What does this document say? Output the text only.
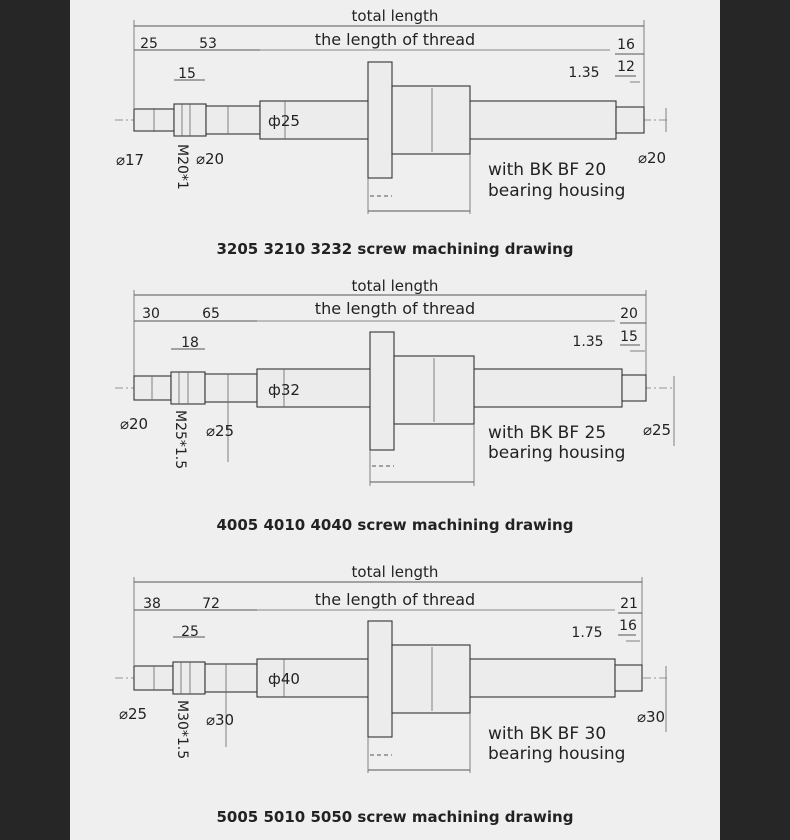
total length
the length of thread
25	53
15
16
12
1.35
⌀17	⌀20
ф25
⌀20
M20*1	with BK BF 20
bearing housing
3205 3210 3232 screw machining drawing
total length
the length of thread
30	65
18
20
15
1.35
⌀20	⌀25
ф32
⌀25
M25*1.5	with BK BF 25
bearing housing
4005 4010 4040 screw machining drawing
total length
the length of thread
38	72
25
21
16
1.75
⌀25	⌀30
ф40
⌀30
M30*1.5	with BK BF 30
bearing housing
5005 5010 5050 screw machining drawing
